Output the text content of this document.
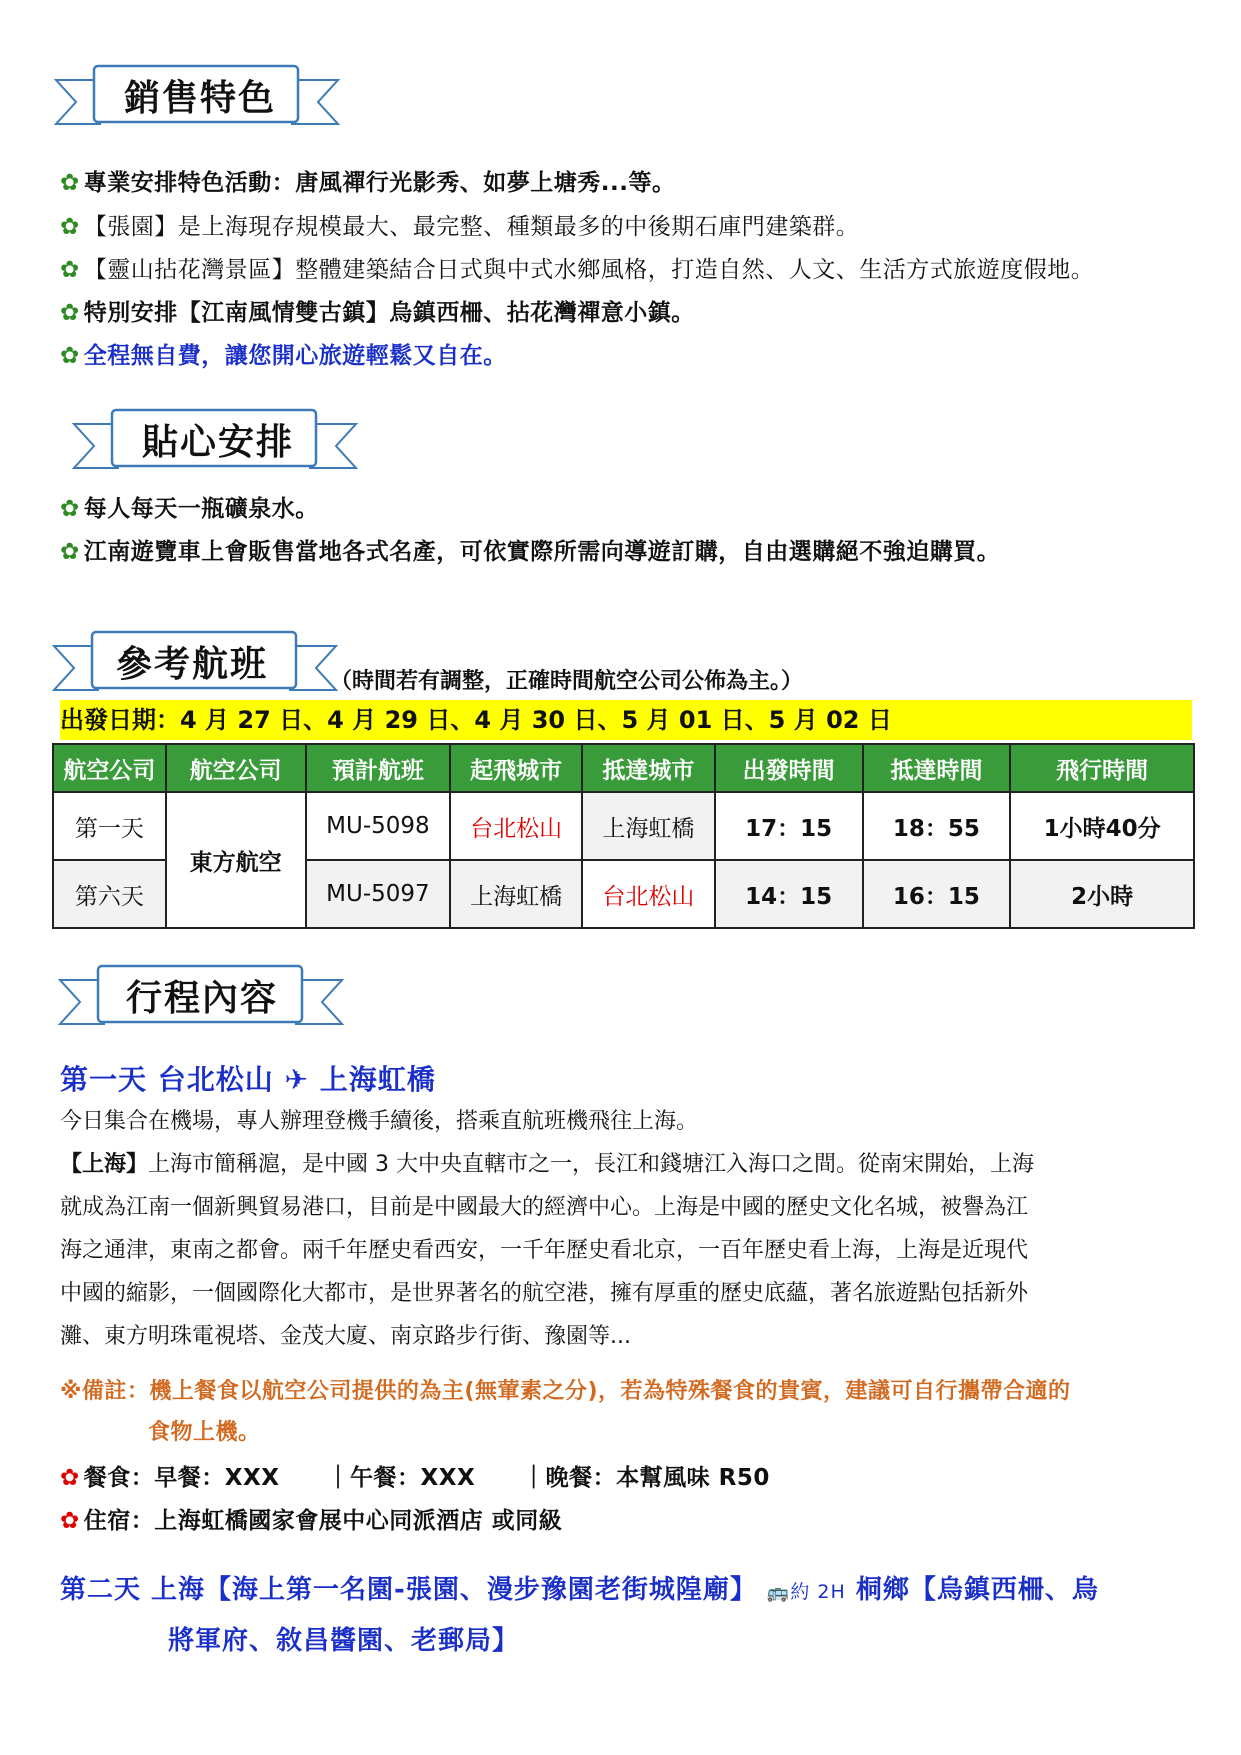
銷售特色
✿ 專業安排特色活動：唐風禪行光影秀、如夢上塘秀...等。
✿ 【張園】是上海現存規模最大、最完整、種類最多的中後期石庫門建築群。
✿ 【靈山拈花灣景區】整體建築結合日式與中式水鄉風格，打造自然、人文、生活方式旅遊度假地。
✿ 特別安排【江南風情雙古鎮】烏鎮西柵、拈花灣禪意小鎮。
✿ 全程無自費，讓您開心旅遊輕鬆又自在。
貼心安排
✿ 每人每天一瓶礦泉水。
✿ 江南遊覽車上會販售當地各式名產，可依實際所需向導遊訂購，自由選購絕不強迫購買。
參考航班	（時間若有調整，正確時間航空公司公佈為主。）
出發日期：4 月 27 日、4 月 29 日、4 月 30 日、5 月 01 日、5 月 02 日
航空公司	航空公司	預計航班	起飛城市	抵達城市	出發時間	抵達時間	飛行時間
第一天	東方航空	MU-5098	台北松山	上海虹橋	17：15	18：55	1小時40分
第六天		MU-5097	上海虹橋	台北松山	14：15	16：15	2小時
行程內容
第一天 台北松山 ✈ 上海虹橋

今日集合在機場，專人辦理登機手續後，搭乘直航班機飛往上海。

【上海】上海市簡稱滬，是中國 3 大中央直轄市之一，長江和錢塘江入海口之間。從南宋開始，上海

就成為江南一個新興貿易港口，目前是中國最大的經濟中心。上海是中國的歷史文化名城，被譽為江

海之通津，東南之都會。兩千年歷史看西安，一千年歷史看北京，一百年歷史看上海，上海是近現代

中國的縮影，一個國際化大都市，是世界著名的航空港，擁有厚重的歷史底蘊，著名旅遊點包括新外

灘、東方明珠電視塔、金茂大廈、南京路步行街、豫園等...

※備註：機上餐食以航空公司提供的為主(無葷素之分)，若為特殊餐食的貴賓，建議可自行攜帶合適的
食物上機。
✿ 餐食：早餐：XXX　　｜午餐：XXX　　｜晚餐：本幫風味 R50
✿ 住宿：上海虹橋國家會展中心同派酒店 或同級
第二天 上海【海上第一名園-張園、漫步豫園老街城隍廟】 🚌約 2H 桐鄉【烏鎮西柵、烏
將軍府、敘昌醬園、老郵局】
